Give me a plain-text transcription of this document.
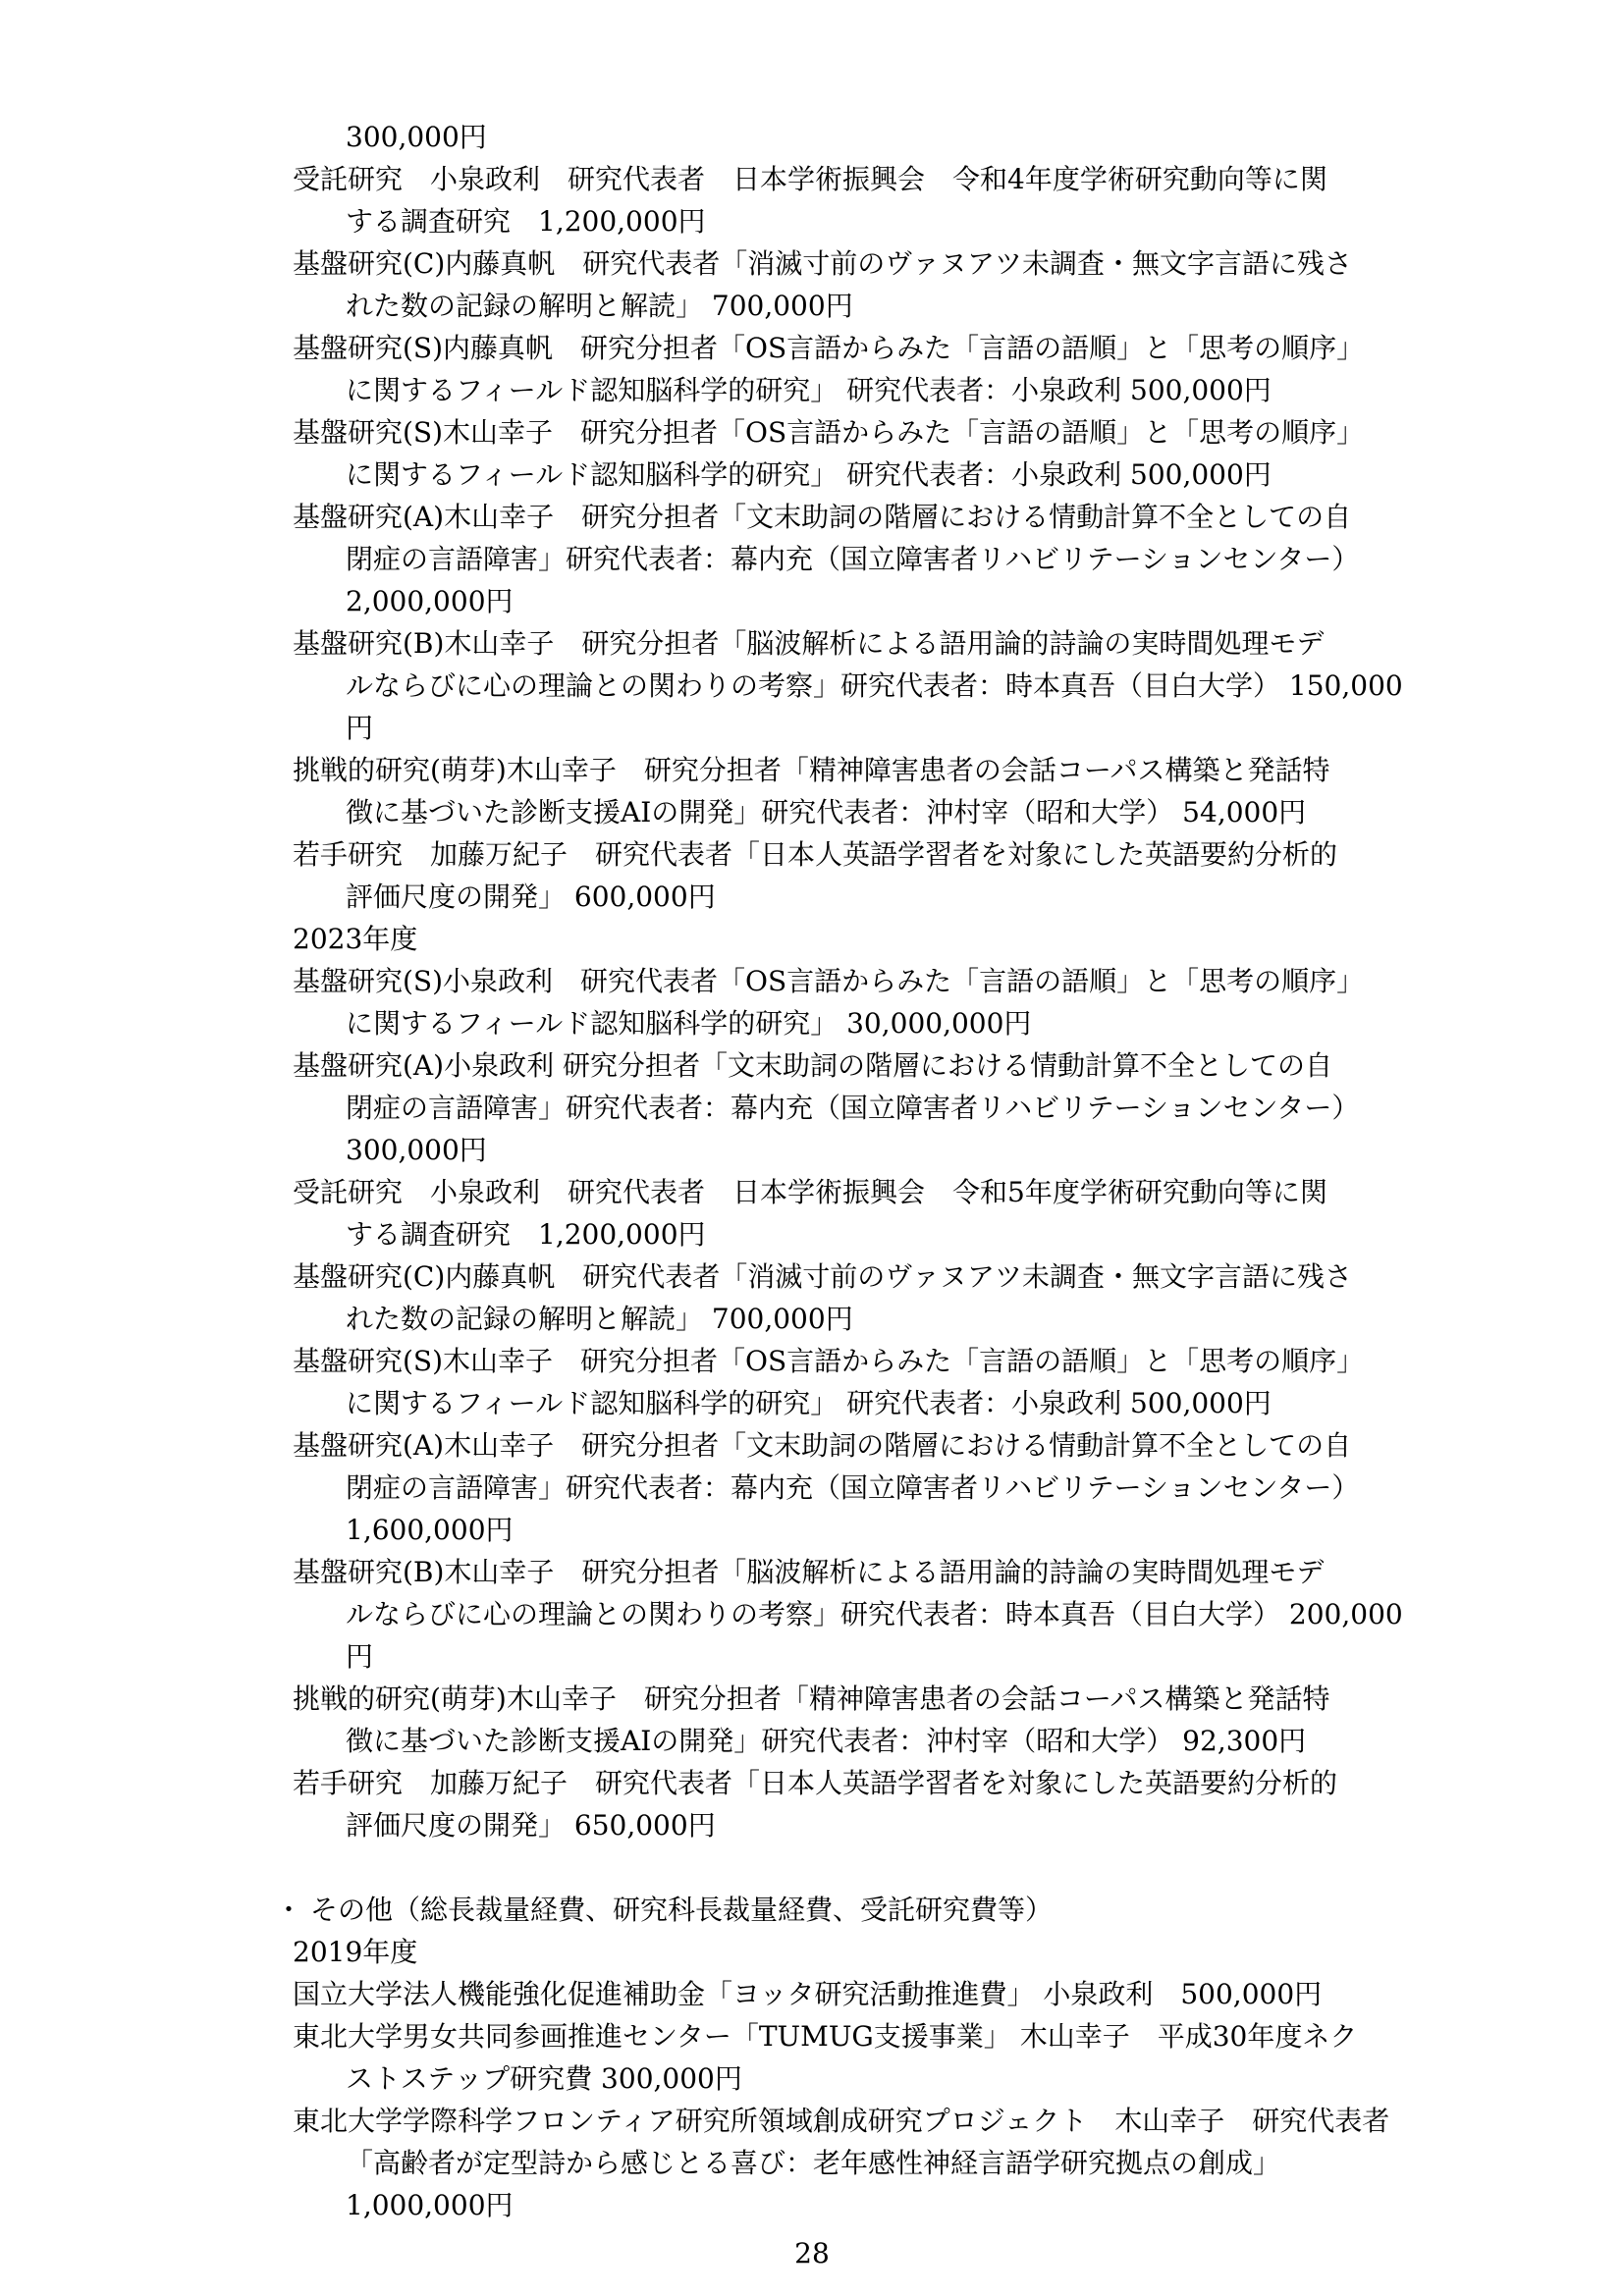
300,000円
受託研究　小泉政利　研究代表者　日本学術振興会　令和4年度学術研究動向等に関
する調査研究　1,200,000円
基盤研究(C)内藤真帆　研究代表者「消滅寸前のヴァヌアツ未調査・無文字言語に残さ
れた数の記録の解明と解読」 700,000円
基盤研究(S)内藤真帆　研究分担者「OS言語からみた「言語の語順」と「思考の順序」
に関するフィールド認知脳科学的研究」 研究代表者：小泉政利 500,000円
基盤研究(S)木山幸子　研究分担者「OS言語からみた「言語の語順」と「思考の順序」
に関するフィールド認知脳科学的研究」 研究代表者：小泉政利 500,000円
基盤研究(A)木山幸子　研究分担者「文末助詞の階層における情動計算不全としての自
閉症の言語障害」研究代表者：幕内充（国立障害者リハビリテーションセンター）
2,000,000円
基盤研究(B)木山幸子　研究分担者「脳波解析による語用論的詩論の実時間処理モデ
ルならびに心の理論との関わりの考察」研究代表者：時本真吾（目白大学） 150,000
円
挑戦的研究(萌芽)木山幸子　研究分担者「精神障害患者の会話コーパス構築と発話特
徴に基づいた診断支援AIの開発」研究代表者：沖村宰（昭和大学） 54,000円
若手研究　加藤万紀子　研究代表者「日本人英語学習者を対象にした英語要約分析的
評価尺度の開発」 600,000円
2023年度
基盤研究(S)小泉政利　研究代表者「OS言語からみた「言語の語順」と「思考の順序」
に関するフィールド認知脳科学的研究」 30,000,000円
基盤研究(A)小泉政利 研究分担者「文末助詞の階層における情動計算不全としての自
閉症の言語障害」研究代表者：幕内充（国立障害者リハビリテーションセンター）
300,000円
受託研究　小泉政利　研究代表者　日本学術振興会　令和5年度学術研究動向等に関
する調査研究　1,200,000円
基盤研究(C)内藤真帆　研究代表者「消滅寸前のヴァヌアツ未調査・無文字言語に残さ
れた数の記録の解明と解読」 700,000円
基盤研究(S)木山幸子　研究分担者「OS言語からみた「言語の語順」と「思考の順序」
に関するフィールド認知脳科学的研究」 研究代表者：小泉政利 500,000円
基盤研究(A)木山幸子　研究分担者「文末助詞の階層における情動計算不全としての自
閉症の言語障害」研究代表者：幕内充（国立障害者リハビリテーションセンター）
1,600,000円
基盤研究(B)木山幸子　研究分担者「脳波解析による語用論的詩論の実時間処理モデ
ルならびに心の理論との関わりの考察」研究代表者：時本真吾（目白大学） 200,000
円
挑戦的研究(萌芽)木山幸子　研究分担者「精神障害患者の会話コーパス構築と発話特
徴に基づいた診断支援AIの開発」研究代表者：沖村宰（昭和大学） 92,300円
若手研究　加藤万紀子　研究代表者「日本人英語学習者を対象にした英語要約分析的
評価尺度の開発」 650,000円
・ その他（総長裁量経費、研究科長裁量経費、受託研究費等）
2019年度
国立大学法人機能強化促進補助金「ヨッタ研究活動推進費」 小泉政利　500,000円
東北大学男女共同参画推進センター「TUMUG支援事業」 木山幸子　平成30年度ネク
ストステップ研究費 300,000円
東北大学学際科学フロンティア研究所領域創成研究プロジェクト　木山幸子　研究代表者
「高齢者が定型詩から感じとる喜び：老年感性神経言語学研究拠点の創成」
1,000,000円
28
